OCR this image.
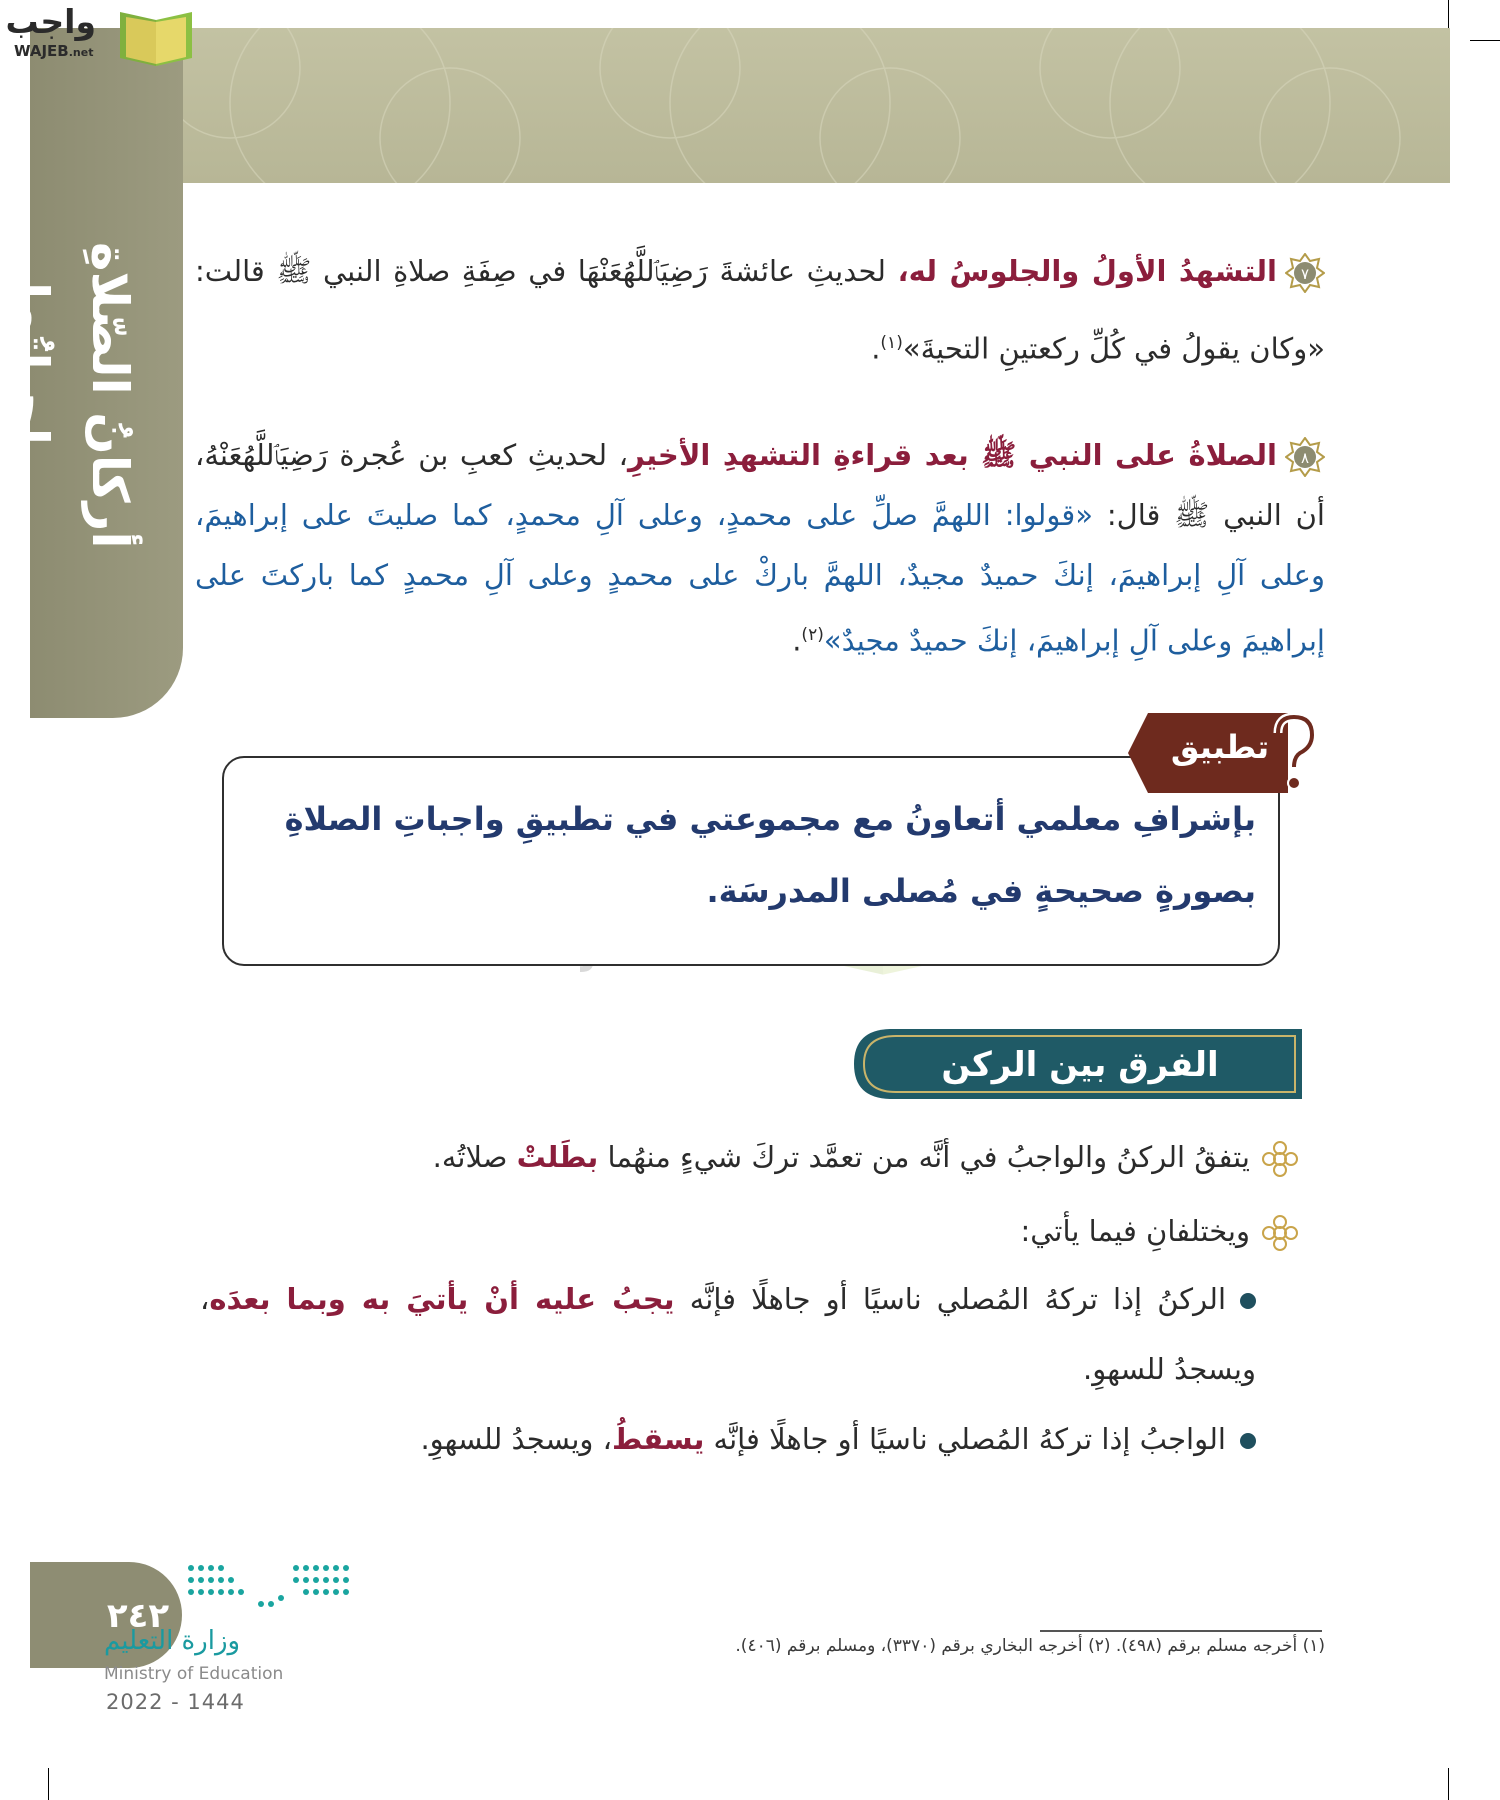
أركانُ الصّلاةِ وواجباتُها
واجب
WAJEB.net

٧
التشهدُ الأولُ والجلوسُ له، لحديثِ عائشةَ رَضِيَٱللَّهُعَنْهَا في صِفَةِ صلاةِ النبي ﷺ قالت: «وكان يقولُ في كُلِّ ركعتينِ التحيةَ»$^{(١)}$.

٨
الصلاةُ على النبي ﷺ بعد قراءةِ التشهدِ الأخيرِ، لحديثِ كعبِ بن عُجرة رَضِيَٱللَّهُعَنْهُ، أن النبي ﷺ قال: «قولوا: اللهمَّ صلِّ على محمدٍ، وعلى آلِ محمدٍ، كما صليتَ على إبراهيمَ، وعلى آلِ إبراهيمَ، إنكَ حميدٌ مجيدٌ، اللهمَّ باركْ على محمدٍ وعلى آلِ محمدٍ كما باركتَ على إبراهيمَ وعلى آلِ إبراهيمَ، إنكَ حميدٌ مجيدٌ»$^{(٢)}$.

بإشرافِ معلمي أتعاونُ مع مجموعتي في تطبيقِ واجباتِ الصلاةِ بصورةٍ صحيحةٍ في مُصلى المدرسَة.
تطبيق
الفرق بين الركن والواجب
يتفقُ الركنُ والواجبُ في أنَّه من تعمَّد تركَ شيءٍ منهُما بطَلتْ صلاتُه.
ويختلفانِ فيما يأتي:
الركنُ إذا تركهُ المُصلي ناسيًا أو جاهلًا فإنَّه يجبُ عليه أنْ يأتيَ به وبما بعدَه، ويسجدُ للسهوِ.
الواجبُ إذا تركهُ المُصلي ناسيًا أو جاهلًا فإنَّه يسقطُ، ويسجدُ للسهوِ.
(١) أخرجه مسلم برقم (٤٩٨). (٢) أخرجه البخاري برقم (٣٣٧٠)، ومسلم برقم (٤٠٦).
٢٤٢
وزارة التعليم
Ministry of Education
2022 - 1444
